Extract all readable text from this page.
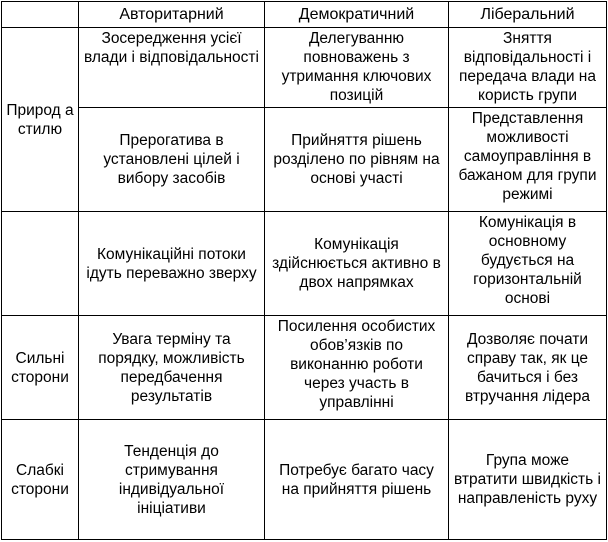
	Авторитарний	Демократичний	Ліберальний
Природ а стилю	Зосередження усієї влади і відповідальності	Делегуванню повноважень з утримання ключових позицій	Зняття відповідальності і передача влади на користь групи
	Прерогатива в установлені цілей і вибору засобів	Прийняття рішень розділено по рівням на основі участі	Представлення можливості самоуправління в бажаном для групи режимі
	Комунікаційні потоки ідуть переважно зверху	Комунікація здійснюється активно в двох напрямках	Комунікація в основному будується на горизонтальній основі
Сильні сторони	Увага терміну та порядку, можливість передбачення результатів	Посилення особистих обов’язків по виконанню роботи через участь в управлінні	Дозволяє почати справу так, як це бачиться і без втручання лідера
Слабкі сторони	Тенденція до стримування індивідуальної ініціативи	Потребує багато часу на прийняття рішень	Група може втратити швидкість і направленість руху
